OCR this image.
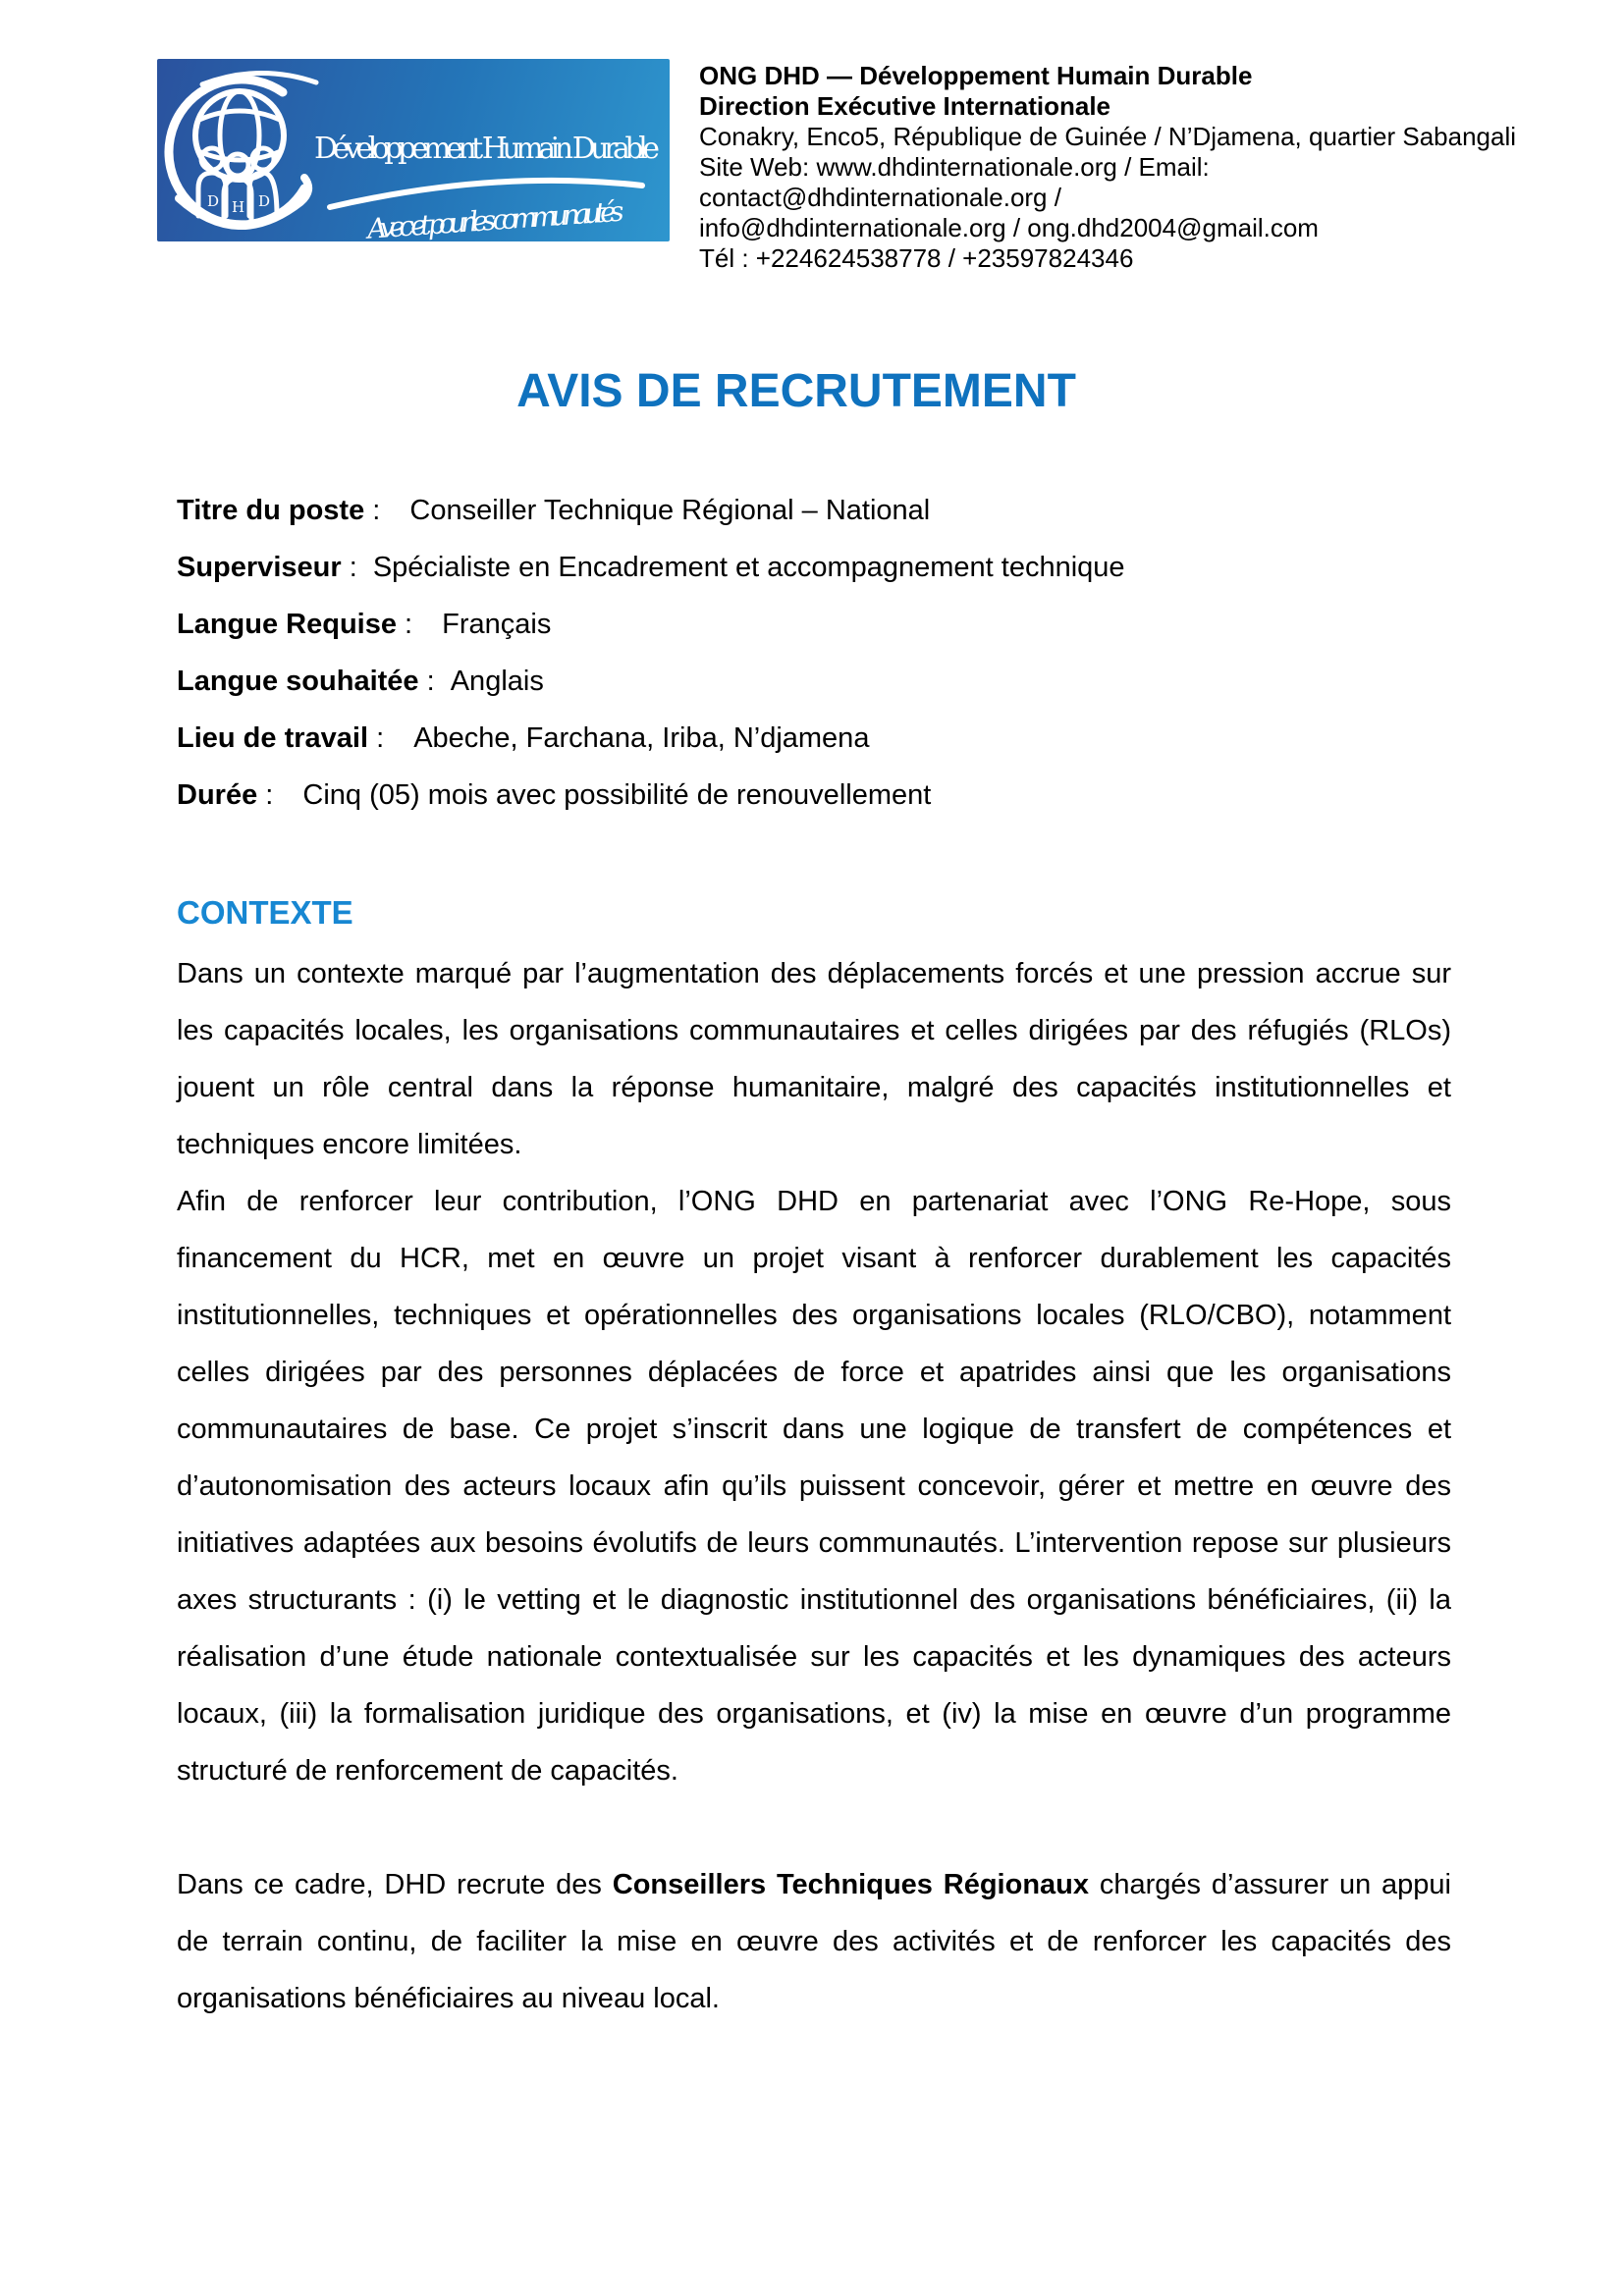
D H D
Développement Humain Durable
Avec et pour les communautés
ONG DHD — Développement Humain Durable
Direction Exécutive Internationale
Conakry, Enco5, République de Guinée / N’Djamena, quartier Sabangali
Site Web: www.dhdinternationale.org / Email: contact@dhdinternationale.org /
info@dhdinternationale.org / ong.dhd2004@gmail.com
Tél : +224624538778 / +23597824346
AVIS DE RECRUTEMENT
Titre du poste : Conseiller Technique Régional – National
Superviseur : Spécialiste en Encadrement et accompagnement technique
Langue Requise : Français
Langue souhaitée : Anglais
Lieu de travail : Abeche, Farchana, Iriba, N’djamena
Durée : Cinq (05) mois avec possibilité de renouvellement
CONTEXTE

Dans un contexte marqué par l’augmentation des déplacements forcés et une pression accrue sur les capacités locales, les organisations communautaires et celles dirigées par des réfugiés (RLOs) jouent un rôle central dans la réponse humanitaire, malgré des capacités institutionnelles et techniques encore limitées.

Afin de renforcer leur contribution, l’ONG DHD en partenariat avec l’ONG Re-Hope, sous financement du HCR, met en œuvre un projet visant à renforcer durablement les capacités institutionnelles, techniques et opérationnelles des organisations locales (RLO/CBO), notamment celles dirigées par des personnes déplacées de force et apatrides ainsi que les organisations communautaires de base. Ce projet s’inscrit dans une logique de transfert de compétences et d’autonomisation des acteurs locaux afin qu’ils puissent concevoir, gérer et mettre en œuvre des initiatives adaptées aux besoins évolutifs de leurs communautés. L’intervention repose sur plusieurs axes structurants : (i) le vetting et le diagnostic institutionnel des organisations bénéficiaires, (ii) la réalisation d’une étude nationale contextualisée sur les capacités et les dynamiques des acteurs locaux, (iii) la formalisation juridique des organisations, et (iv) la mise en œuvre d’un programme structuré de renforcement de capacités.

Dans ce cadre, DHD recrute des Conseillers Techniques Régionaux chargés d’assurer un appui de terrain continu, de faciliter la mise en œuvre des activités et de renforcer les capacités des organisations bénéficiaires au niveau local.
